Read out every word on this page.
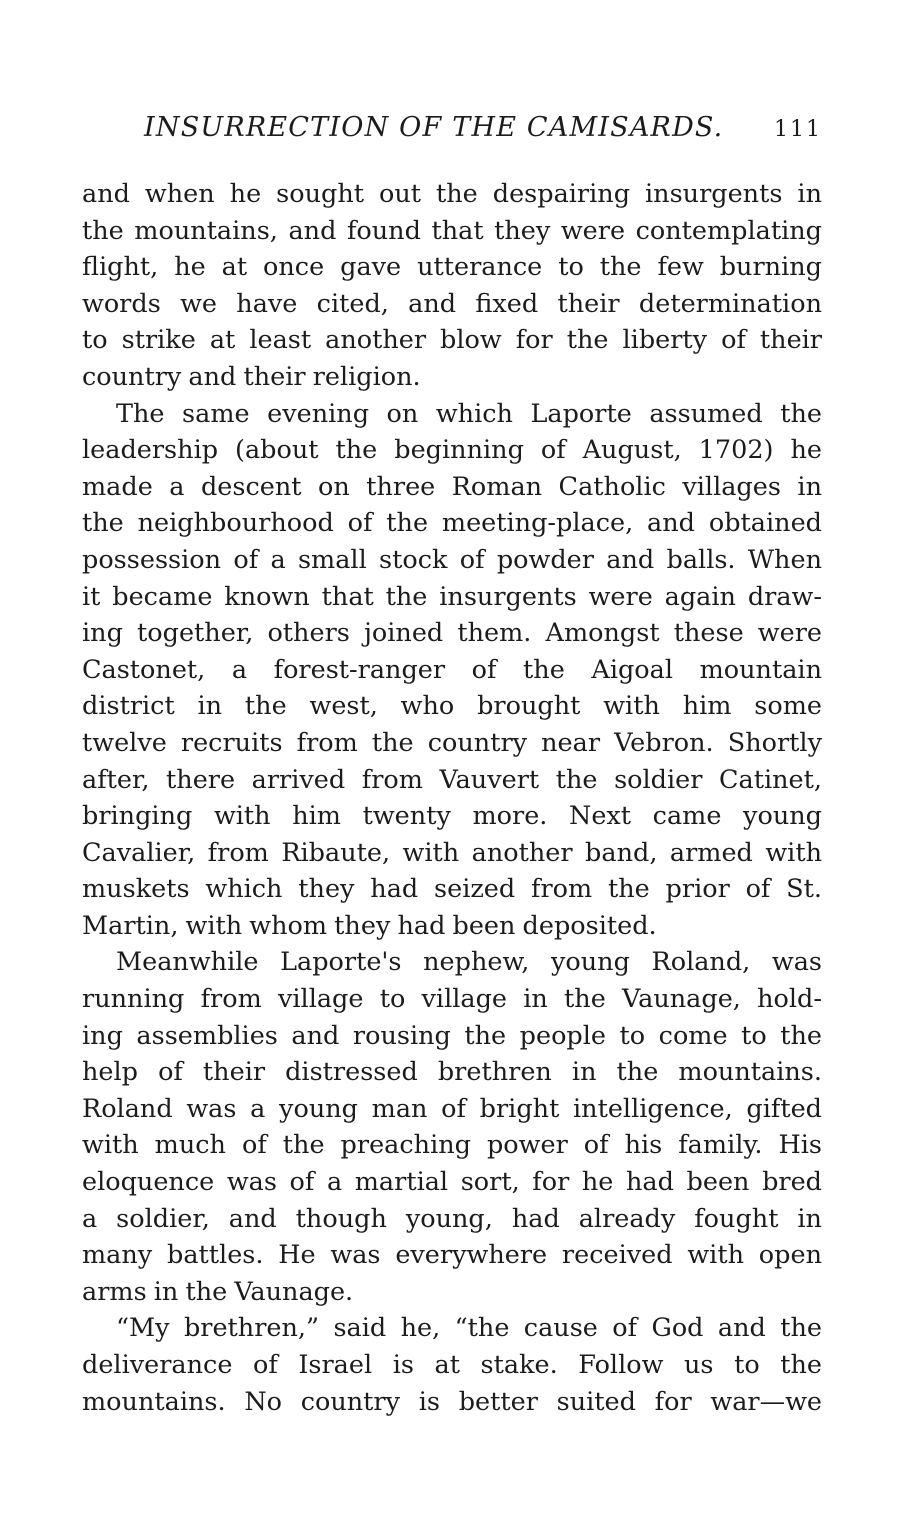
INSURRECTION OF THE CAMISARDS. 111

and when he sought out the despairing insurgents in
the mountains, and found that they were contemplating
flight, he at once gave utterance to the few burning
words we have cited, and fixed their determination
to strike at least another blow for the liberty of their
country and their religion.

The same evening on which Laporte assumed the
leadership (about the beginning of August, 1702) he
made a descent on three Roman Catholic villages in
the neighbourhood of the meeting-place, and obtained
possession of a small stock of powder and balls. When
it became known that the insurgents were again draw-
ing together, others joined them. Amongst these were
Castonet, a forest-ranger of the Aigoal mountain
district in the west, who brought with him some
twelve recruits from the country near Vebron. Shortly
after, there arrived from Vauvert the soldier Catinet,
bringing with him twenty more. Next came young
Cavalier, from Ribaute, with another band, armed with
muskets which they had seized from the prior of St.
Martin, with whom they had been deposited.

Meanwhile Laporte's nephew, young Roland, was
running from village to village in the Vaunage, hold-
ing assemblies and rousing the people to come to the
help of their distressed brethren in the mountains.
Roland was a young man of bright intelligence, gifted
with much of the preaching power of his family. His
eloquence was of a martial sort, for he had been bred
a soldier, and though young, had already fought in
many battles. He was everywhere received with open
arms in the Vaunage.

“My brethren,” said he, “the cause of God and the
deliverance of Israel is at stake. Follow us to the
mountains. No country is better suited for war—we
